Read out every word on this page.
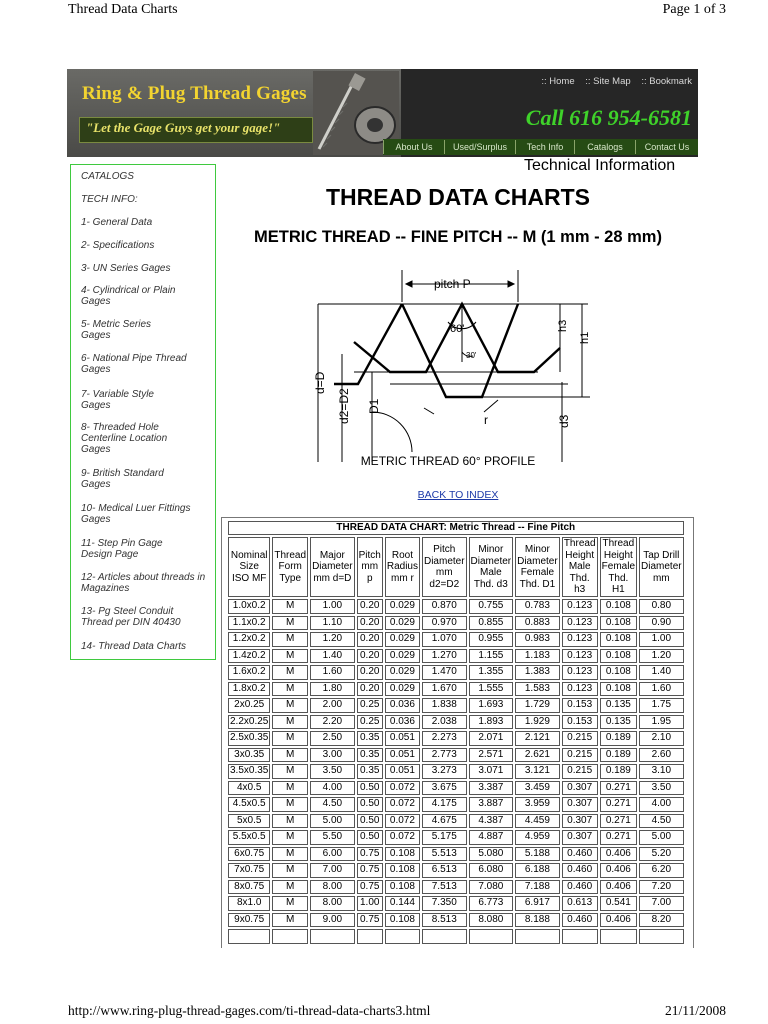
Thread Data Charts	Page 1 of 3
Ring & Plug Thread Gages
"Let the Gage Guys get your gage!"
:: Home :: Site Map :: Bookmark
Call 616 954-6581
About Us	Used/Surplus	Tech Info	Catalogs	Contact Us
Technical Information
CATALOGS
TECH INFO:
1- General Data
2- Specifications
3- UN Series Gages
4- Cylindrical or Plain Gages
5- Metric Series Gages
6- National Pipe Thread Gages
7- Variable Style Gages
8- Threaded Hole Centerline Location Gages
9- British Standard Gages
10- Medical Luer Fittings Gages
11- Step Pin Gage Design Page
12- Articles about threads in Magazines
13- Pg Steel Conduit Thread per DIN 40430
14- Thread Data Charts
THREAD DATA CHARTS
METRIC THREAD -- FINE PITCH -- M (1 mm - 28 mm)
pitch P
60'
30'
h3
h1
d=D
d2=D2 D1
d3
r
METRIC THREAD 60° PROFILE
BACK TO INDEX
THREAD DATA CHART: Metric Thread -- Fine Pitch										
Nominal Size ISO MF	Thread Form Type	Major Diameter mm d=D	Pitch mm p	Root Radius mm r	Pitch Diameter mm d2=D2	Minor Diameter Male Thd. d3	Minor Diameter Female Thd. D1	Thread Height Male Thd. h3	Thread Height Female Thd. H1	Tap Drill Diameter mm
1.0x0.2	M	1.00	0.20	0.029	0.870	0.755	0.783	0.123	0.108	0.80
1.1x0.2	M	1.10	0.20	0.029	0.970	0.855	0.883	0.123	0.108	0.90
1.2x0.2	M	1.20	0.20	0.029	1.070	0.955	0.983	0.123	0.108	1.00
1.4z0.2	M	1.40	0.20	0.029	1.270	1.155	1.183	0.123	0.108	1.20
1.6x0.2	M	1.60	0.20	0.029	1.470	1.355	1.383	0.123	0.108	1.40
1.8x0.2	M	1.80	0.20	0.029	1.670	1.555	1.583	0.123	0.108	1.60
2x0.25	M	2.00	0.25	0.036	1.838	1.693	1.729	0.153	0.135	1.75
2.2x0.25	M	2.20	0.25	0.036	2.038	1.893	1.929	0.153	0.135	1.95
2.5x0.35	M	2.50	0.35	0.051	2.273	2.071	2.121	0.215	0.189	2.10
3x0.35	M	3.00	0.35	0.051	2.773	2.571	2.621	0.215	0.189	2.60
3.5x0.35	M	3.50	0.35	0.051	3.273	3.071	3.121	0.215	0.189	3.10
4x0.5	M	4.00	0.50	0.072	3.675	3.387	3.459	0.307	0.271	3.50
4.5x0.5	M	4.50	0.50	0.072	4.175	3.887	3.959	0.307	0.271	4.00
5x0.5	M	5.00	0.50	0.072	4.675	4.387	4.459	0.307	0.271	4.50
5.5x0.5	M	5.50	0.50	0.072	5.175	4.887	4.959	0.307	0.271	5.00
6x0.75	M	6.00	0.75	0.108	5.513	5.080	5.188	0.460	0.406	5.20
7x0.75	M	7.00	0.75	0.108	6.513	6.080	6.188	0.460	0.406	6.20
8x0.75	M	8.00	0.75	0.108	7.513	7.080	7.188	0.460	0.406	7.20
8x1.0	M	8.00	1.00	0.144	7.350	6.773	6.917	0.613	0.541	7.00
9x0.75	M	9.00	0.75	0.108	8.513	8.080	8.188	0.460	0.406	8.20

http://www.ring-plug-thread-gages.com/ti-thread-data-charts3.html	21/11/2008
